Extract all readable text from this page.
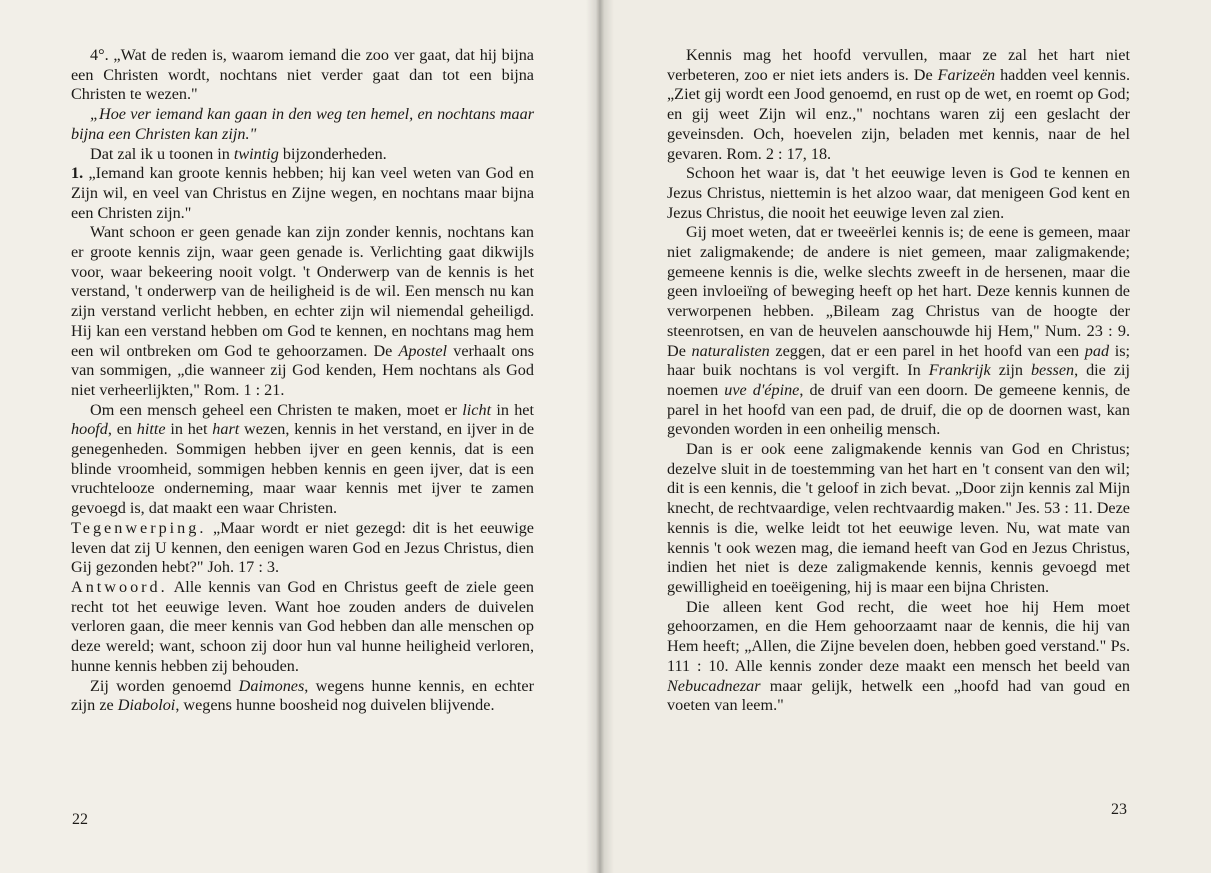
4°. „Wat de reden is, waarom iemand die zoo ver gaat, dat hij bijna een Christen wordt, nochtans niet verder gaat dan tot een bijna Christen te wezen."

„Hoe ver iemand kan gaan in den weg ten hemel, en nochtans maar bijna een Christen kan zijn."

Dat zal ik u toonen in twintig bijzonderheden.

1. „Iemand kan groote kennis hebben; hij kan veel weten van God en Zijn wil, en veel van Christus en Zijne wegen, en nochtans maar bijna een Christen zijn."

Want schoon er geen genade kan zijn zonder kennis, nochtans kan er groote kennis zijn, waar geen genade is. Verlichting gaat dikwijls voor, waar bekeering nooit volgt. 't Onderwerp van de kennis is het verstand, 't onderwerp van de heiligheid is de wil. Een mensch nu kan zijn verstand verlicht hebben, en echter zijn wil niemendal geheiligd. Hij kan een verstand hebben om God te kennen, en nochtans mag hem een wil ontbreken om God te gehoorzamen. De Apostel verhaalt ons van sommigen, „die wanneer zij God kenden, Hem nochtans als God niet verheerlijkten," Rom. 1 : 21.

Om een mensch geheel een Christen te maken, moet er licht in het hoofd, en hitte in het hart wezen, kennis in het verstand, en ijver in de genegenheden. Sommigen hebben ijver en geen kennis, dat is een blinde vroomheid, sommigen hebben kennis en geen ijver, dat is een vruchtelooze onderneming, maar waar kennis met ijver te zamen gevoegd is, dat maakt een waar Christen.

Tegenwerping. „Maar wordt er niet gezegd: dit is het eeuwige leven dat zij U kennen, den eenigen waren God en Jezus Christus, dien Gij gezonden hebt?" Joh. 17 : 3.

Antwoord. Alle kennis van God en Christus geeft de ziele geen recht tot het eeuwige leven. Want hoe zouden anders de duivelen verloren gaan, die meer kennis van God hebben dan alle menschen op deze wereld; want, schoon zij door hun val hunne heiligheid verloren, hunne kennis hebben zij behouden.

Zij worden genoemd Daimones, wegens hunne kennis, en echter zijn ze Diaboloi, wegens hunne boosheid nog duivelen blijvende.

22

Kennis mag het hoofd vervullen, maar ze zal het hart niet verbeteren, zoo er niet iets anders is. De Farizeën hadden veel kennis. „Ziet gij wordt een Jood genoemd, en rust op de wet, en roemt op God; en gij weet Zijn wil enz.," nochtans waren zij een geslacht der geveinsden. Och, hoevelen zijn, beladen met kennis, naar de hel gevaren. Rom. 2 : 17, 18.

Schoon het waar is, dat 't het eeuwige leven is God te kennen en Jezus Christus, niettemin is het alzoo waar, dat menigeen God kent en Jezus Christus, die nooit het eeuwige leven zal zien.

Gij moet weten, dat er tweeërlei kennis is; de eene is gemeen, maar niet zaligmakende; de andere is niet gemeen, maar zaligmakende; gemeene kennis is die, welke slechts zweeft in de hersenen, maar die geen invloeiïng of beweging heeft op het hart. Deze kennis kunnen de verworpenen hebben. „Bileam zag Christus van de hoogte der steenrotsen, en van de heuvelen aanschouwde hij Hem," Num. 23 : 9. De naturalisten zeggen, dat er een parel in het hoofd van een pad is; haar buik nochtans is vol vergift. In Frankrijk zijn bessen, die zij noemen uve d'épine, de druif van een doorn. De gemeene kennis, de parel in het hoofd van een pad, de druif, die op de doornen wast, kan gevonden worden in een onheilig mensch.

Dan is er ook eene zaligmakende kennis van God en Christus; dezelve sluit in de toestemming van het hart en 't consent van den wil; dit is een kennis, die 't geloof in zich bevat. „Door zijn kennis zal Mijn knecht, de rechtvaardige, velen rechtvaardig maken." Jes. 53 : 11. Deze kennis is die, welke leidt tot het eeuwige leven. Nu, wat mate van kennis 't ook wezen mag, die iemand heeft van God en Jezus Christus, indien het niet is deze zaligmakende kennis, kennis gevoegd met gewilligheid en toeëigening, hij is maar een bijna Christen.

Die alleen kent God recht, die weet hoe hij Hem moet gehoorzamen, en die Hem gehoorzaamt naar de kennis, die hij van Hem heeft; „Allen, die Zijne bevelen doen, hebben goed verstand." Ps. 111 : 10. Alle kennis zonder deze maakt een mensch het beeld van Nebucadnezar maar gelijk, hetwelk een „hoofd had van goud en voeten van leem."

23
